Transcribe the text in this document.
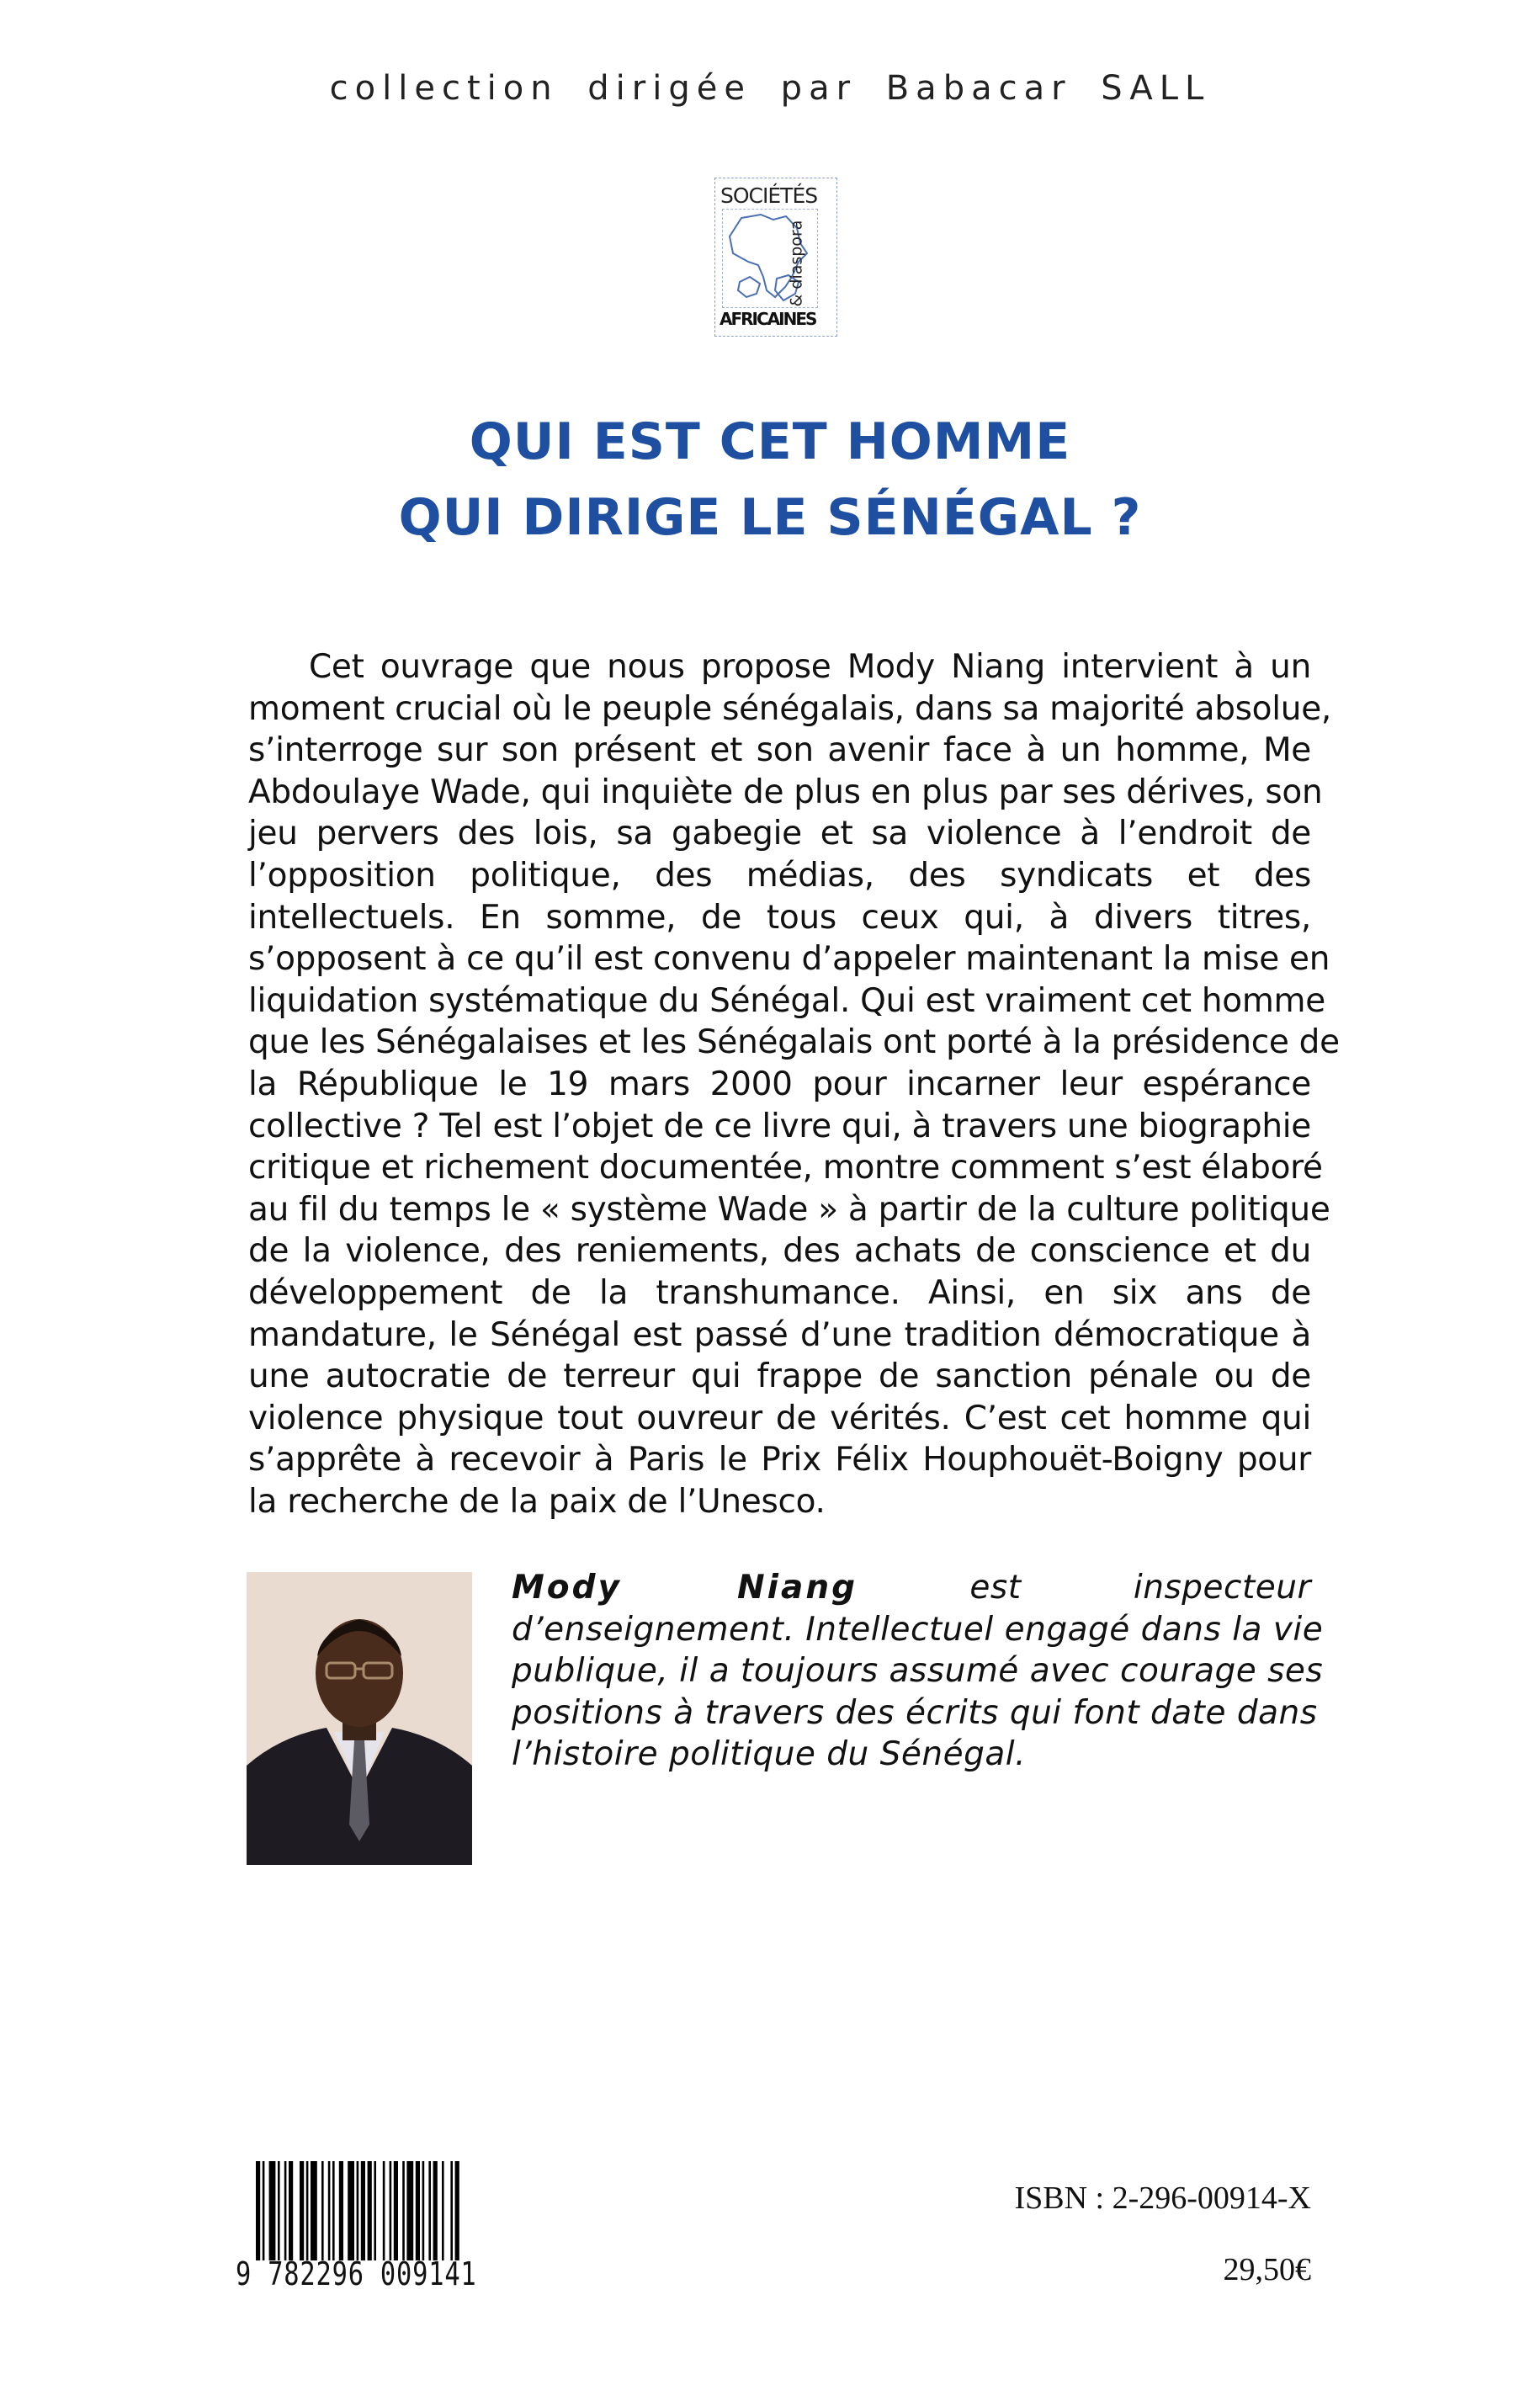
collection dirigée par Babacar SALL
SOCIÉTÉS
& diaspora
AFRICAINES
QUI EST CET HOMME
QUI DIRIGE LE SÉNÉGAL ?
Cet ouvrage que nous propose Mody Niang intervient à un
moment crucial où le peuple sénégalais, dans sa majorité absolue,
s’interroge sur son présent et son avenir face à un homme, Me
Abdoulaye Wade, qui inquiète de plus en plus par ses dérives, son
jeu pervers des lois, sa gabegie et sa violence à l’endroit de
l’opposition politique, des médias, des syndicats et des
intellectuels. En somme, de tous ceux qui, à divers titres,
s’opposent à ce qu’il est convenu d’appeler maintenant la mise en
liquidation systématique du Sénégal. Qui est vraiment cet homme
que les Sénégalaises et les Sénégalais ont porté à la présidence de
la République le 19 mars 2000 pour incarner leur espérance
collective ? Tel est l’objet de ce livre qui, à travers une biographie
critique et richement documentée, montre comment s’est élaboré
au fil du temps le « système Wade » à partir de la culture politique
de la violence, des reniements, des achats de conscience et du
développement de la transhumance. Ainsi, en six ans de
mandature, le Sénégal est passé d’une tradition démocratique à
une autocratie de terreur qui frappe de sanction pénale ou de
violence physique tout ouvreur de vérités. C’est cet homme qui
s’apprête à recevoir à Paris le Prix Félix Houphouët-Boigny pour
la recherche de la paix de l’Unesco.
Mody Niang	est inspecteur
d’enseignement. Intellectuel engagé dans la vie
publique, il a toujours assumé avec courage ses
positions à travers des écrits qui font date dans
l’histoire politique du Sénégal.
9 782296 009141
ISBN : 2-296-00914-X
29,50€
